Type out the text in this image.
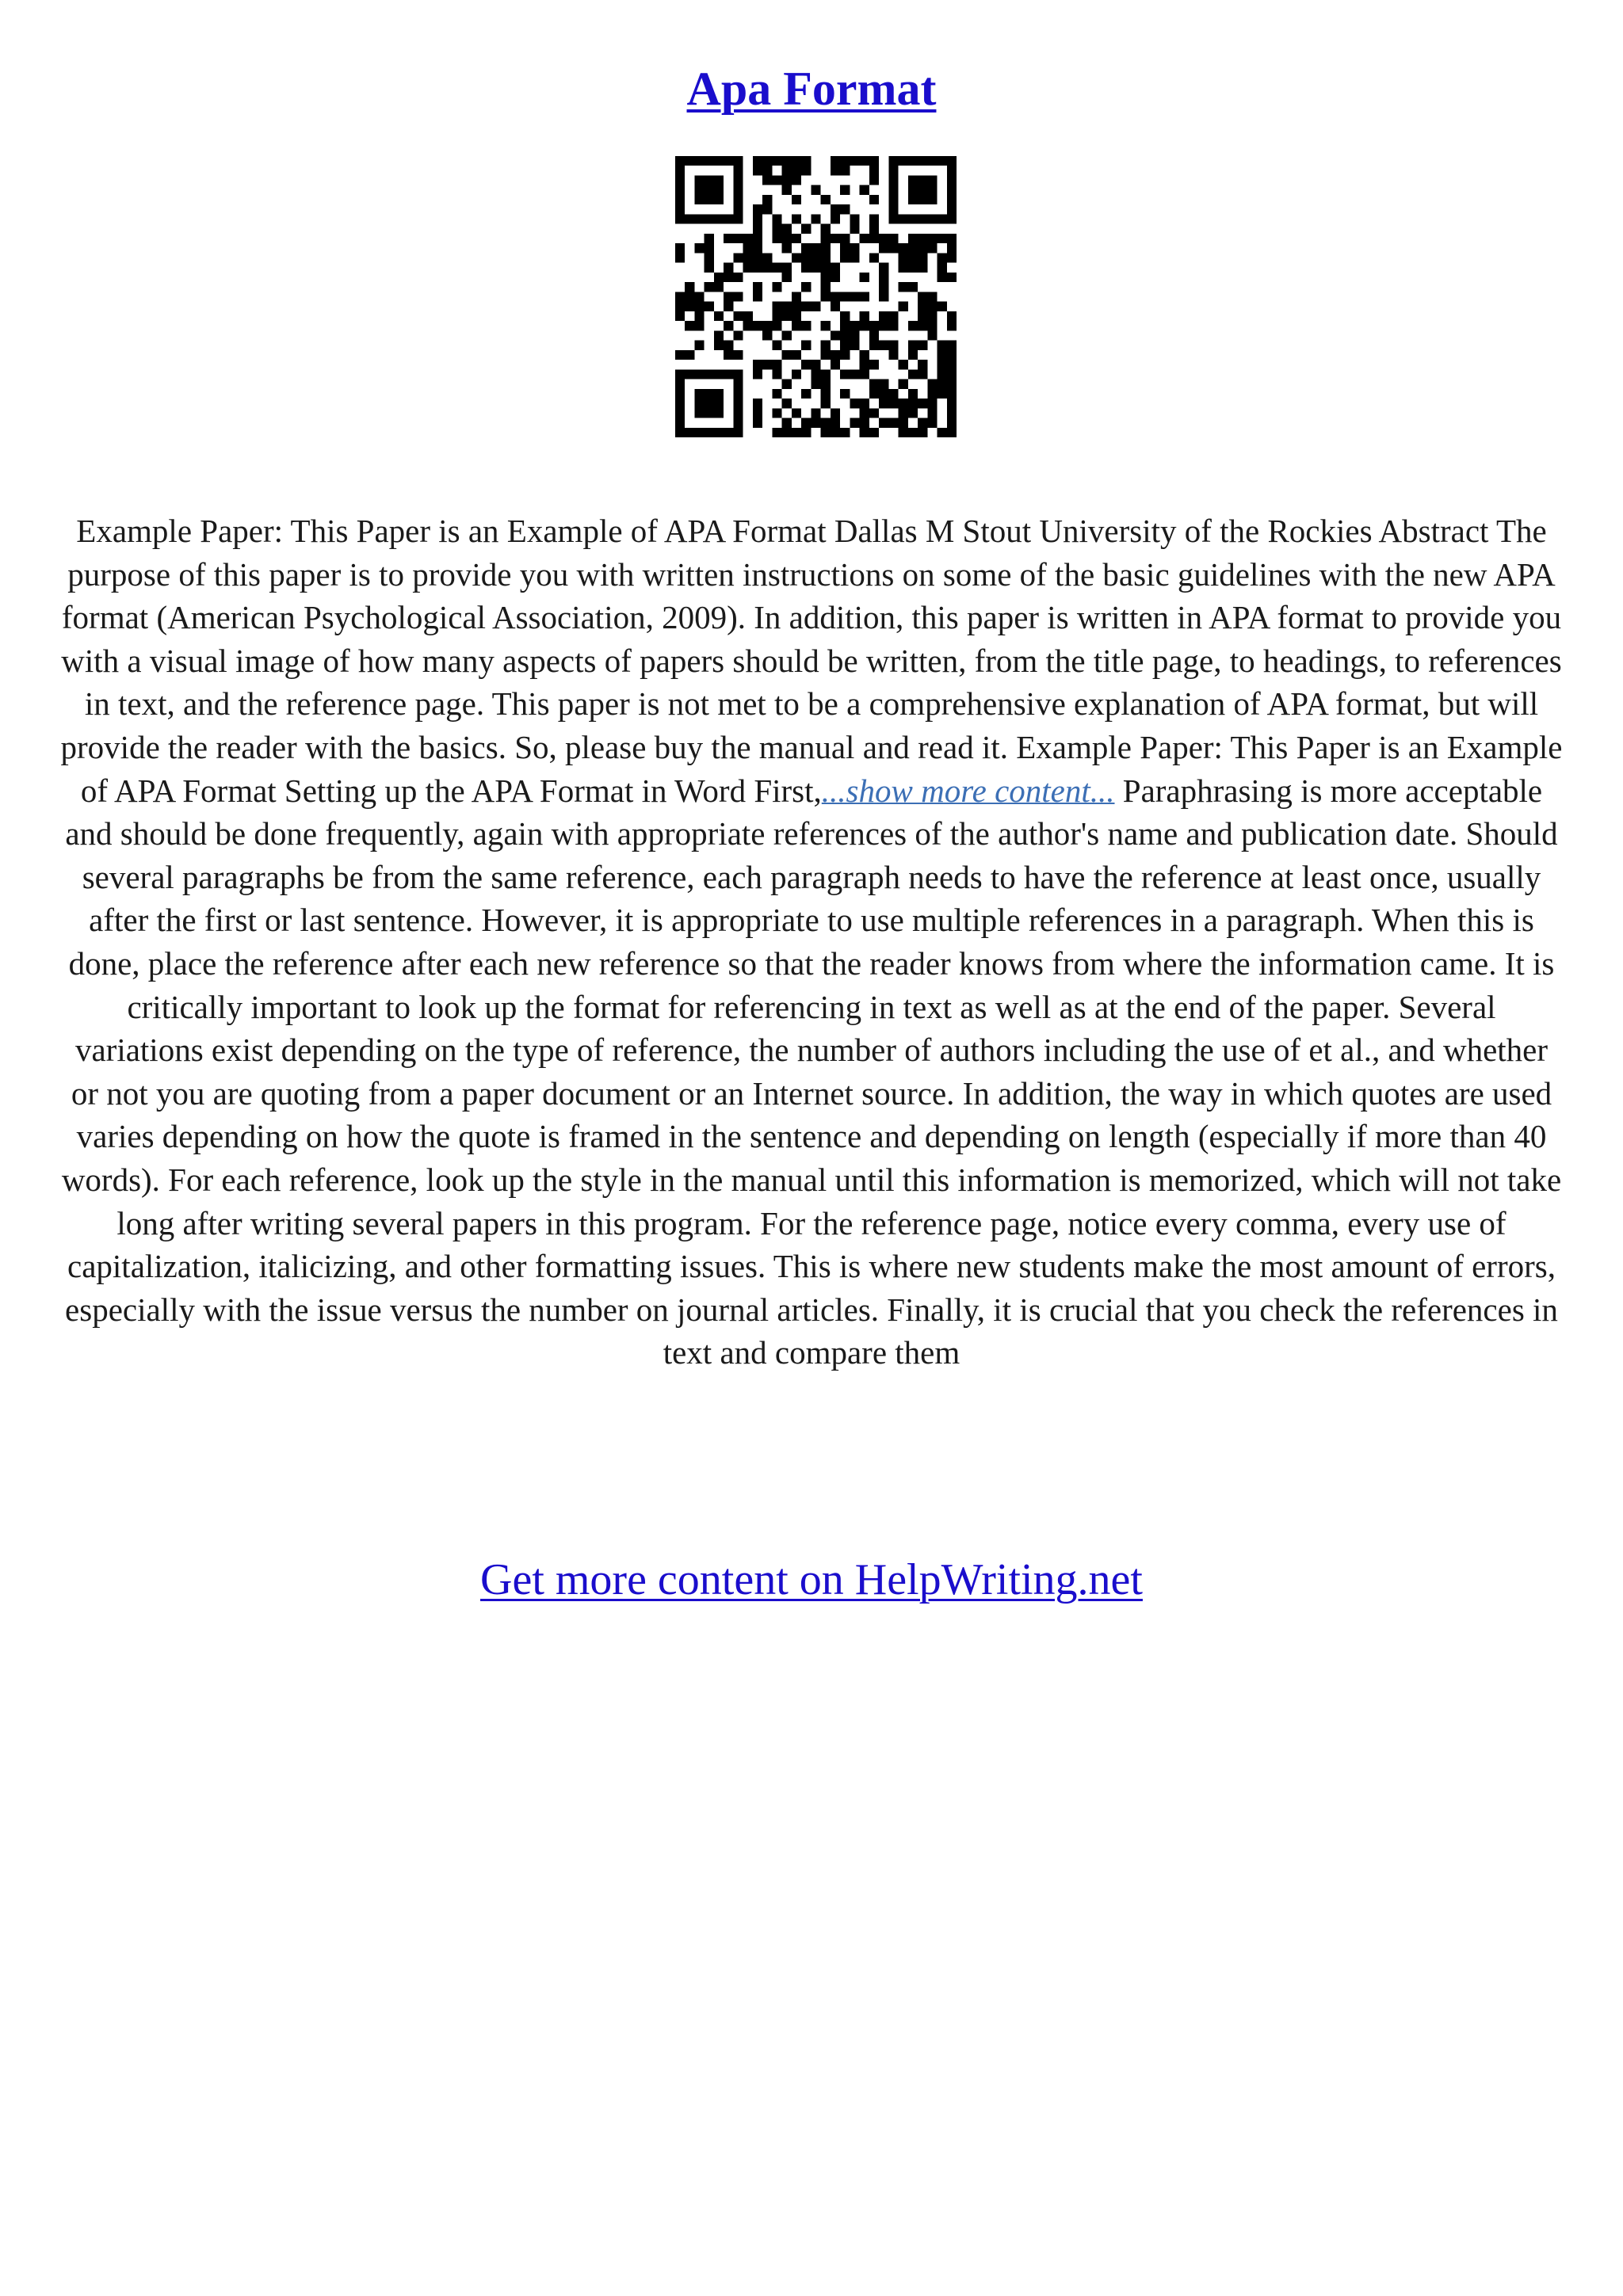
Apa Format
Example Paper: This Paper is an Example of APA Format Dallas M Stout University of the Rockies Abstract The purpose of this paper is to provide you with written instructions on some of the basic guidelines with the new APA format (American Psychological Association, 2009). In addition, this paper is written in APA format to provide you with a visual image of how many aspects of papers should be written, from the title page, to headings, to references in text, and the reference page. This paper is not met to be a comprehensive explanation of APA format, but will provide the reader with the basics. So, please buy the manual and read it. Example Paper: This Paper is an Example of APA Format Setting up the APA Format in Word First,...show more content... Paraphrasing is more acceptable and should be done frequently, again with appropriate references of the author's name and publication date. Should several paragraphs be from the same reference, each paragraph needs to have the reference at least once, usually after the first or last sentence. However, it is appropriate to use multiple references in a paragraph. When this is done, place the reference after each new reference so that the reader knows from where the information came. It is critically important to look up the format for referencing in text as well as at the end of the paper. Several variations exist depending on the type of reference, the number of authors including the use of et al., and whether or not you are quoting from a paper document or an Internet source. In addition, the way in which quotes are used varies depending on how the quote is framed in the sentence and depending on length (especially if more than 40 words). For each reference, look up the style in the manual until this information is memorized, which will not take long after writing several papers in this program. For the reference page, notice every comma, every use of capitalization, italicizing, and other formatting issues. This is where new students make the most amount of errors, especially with the issue versus the number on journal articles. Finally, it is crucial that you check the references in text and compare them
Get more content on HelpWriting.net
